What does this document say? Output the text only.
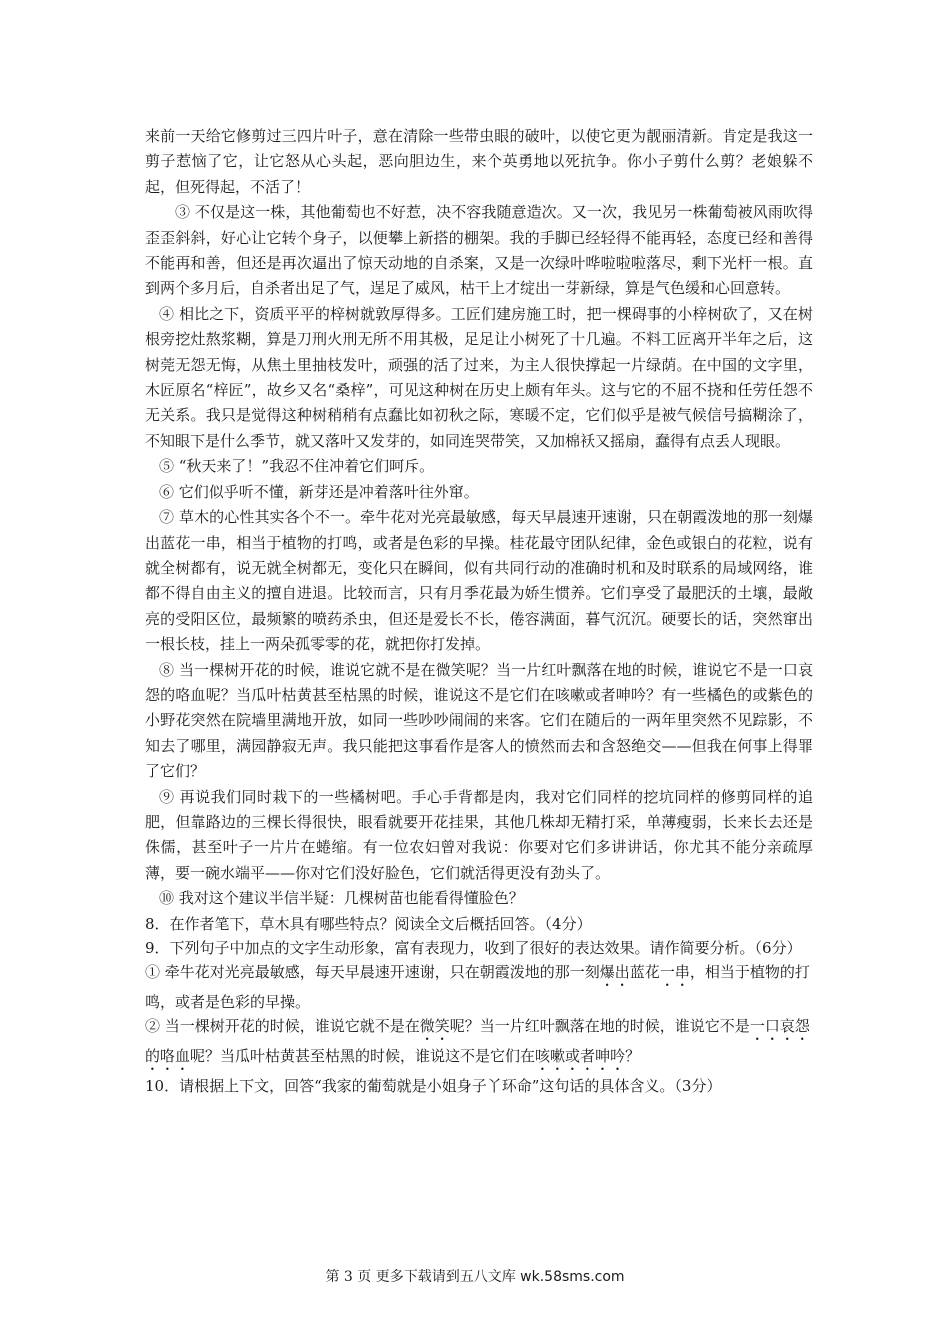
来前一天给它修剪过三四片叶子，意在清除一些带虫眼的破叶，以使它更为靓丽清新。肯定是我这一剪子惹恼了它，让它怒从心头起，恶向胆边生，来个英勇地以死抗争。你小子剪什么剪？老娘躲不起，但死得起，不活了！

③ 不仅是这一株，其他葡萄也不好惹，决不容我随意造次。又一次，我见另一株葡萄被风雨吹得歪歪斜斜，好心让它转个身子，以便攀上新搭的棚架。我的手脚已经轻得不能再轻，态度已经和善得不能再和善，但还是再次逼出了惊天动地的自杀案，又是一次绿叶哗啦啦啦落尽，剩下光杆一根。直到两个多月后，自杀者出足了气，逞足了威风，枯干上才绽出一芽新绿，算是气色缓和心回意转。

④ 相比之下，资质平平的梓树就敦厚得多。工匠们建房施工时，把一棵碍事的小梓树砍了，又在树根旁挖灶熬浆糊，算是刀刑火刑无所不用其极，足足让小树死了十几遍。不料工匠离开半年之后，这树莞无怨无悔，从焦土里抽枝发叶，顽强的活了过来，为主人很快撑起一片绿荫。在中国的文字里，木匠原名“梓匠”，故乡又名“桑梓”，可见这种树在历史上颇有年头。这与它的不屈不挠和任劳任怨不无关系。我只是觉得这种树稍稍有点蠢比如初秋之际，寒暖不定，它们似乎是被气候信号搞糊涂了，不知眼下是什么季节，就又落叶又发芽的，如同连哭带笑，又加棉袄又摇扇，蠢得有点丢人现眼。

⑤ “秋天来了！”我忍不住冲着它们呵斥。

⑥ 它们似乎听不懂，新芽还是冲着落叶往外窜。

⑦ 草木的心性其实各个不一。牵牛花对光亮最敏感，每天早晨速开速谢，只在朝霞泼地的那一刻爆出蓝花一串，相当于植物的打鸣，或者是色彩的早操。桂花最守团队纪律，金色或银白的花粒，说有就全树都有，说无就全树都无，变化只在瞬间，似有共同行动的准确时机和及时联系的局域网络，谁都不得自由主义的擅自进退。比较而言，只有月季花最为娇生惯养。它们享受了最肥沃的土壤，最敞亮的受阳区位，最频繁的喷药杀虫，但还是爱长不长，倦容满面，暮气沉沉。硬要长的话，突然窜出一根长枝，挂上一两朵孤零零的花，就把你打发掉。

⑧ 当一棵树开花的时候，谁说它就不是在微笑呢？当一片红叶飘落在地的时候，谁说它不是一口哀怨的咯血呢？当瓜叶枯黄甚至枯黑的时候，谁说这不是它们在咳嗽或者呻吟？有一些橘色的或紫色的小野花突然在院墙里满地开放，如同一些吵吵闹闹的来客。它们在随后的一两年里突然不见踪影，不知去了哪里，满园静寂无声。我只能把这事看作是客人的愤然而去和含怒绝交——但我在何事上得罪了它们？

⑨ 再说我们同时栽下的一些橘树吧。手心手背都是肉，我对它们同样的挖坑同样的修剪同样的追肥，但靠路边的三棵长得很快，眼看就要开花挂果，其他几株却无精打采，单薄瘦弱，长来长去还是侏儒，甚至叶子一片片在蜷缩。有一位农妇曾对我说：你要对它们多讲讲话，你尤其不能分亲疏厚薄，要一碗水端平——你对它们没好脸色，它们就活得更没有劲头了。

⑩ 我对这个建议半信半疑：几棵树苗也能看得懂脸色？

8．在作者笔下，草木具有哪些特点？阅读全文后概括回答。（4分）

9．下列句子中加点的文字生动形象，富有表现力，收到了很好的表达效果。请作简要分析。（6分）

① 牵牛花对光亮最敏感，每天早晨速开速谢，只在朝霞泼地的那一刻爆出蓝花一串，相当于植物的打鸣，或者是色彩的早操。

② 当一棵树开花的时候，谁说它就不是在微笑呢？当一片红叶飘落在地的时候，谁说它不是一口哀怨的咯血呢？当瓜叶枯黄甚至枯黑的时候，谁说这不是它们在咳嗽或者呻吟？

10．请根据上下文，回答“我家的葡萄就是小姐身子丫环命”这句话的具体含义。（3分）

第 3 页 更多下载请到五八文库 wk.58sms.com
